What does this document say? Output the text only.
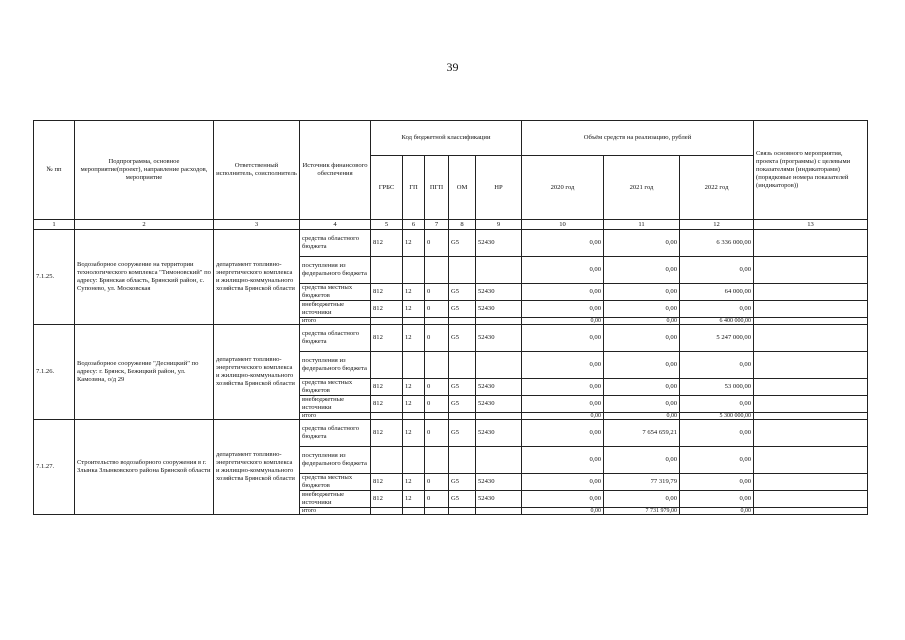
39
№ пп	Подпрограмма, основное мероприятие(проект), направление расходов, мероприятие	Ответственный исполнитель, соисполнитель	Источник финансового обеспечения	Код бюджетной классификации					Объём средств на реализацию, рублей			Связь основного мероприятия, проекта (программы) с целевыми показателями (индикаторами) (порядковые номера показателей (индикаторов))
				ГРБС	ГП	ПГП	ОМ	НР	2020 год	2021 год	2022 год	
1	2	3	4	5	6	7	8	9	10	11	12	13
7.1.25.	Водозаборное сооружение на территории технологического комплекса "Тимоновский" по адресу: Брянская область, Брянский район, с. Супонево, ул. Московская	департамент топливно-энергетического комплекса и жилищно-коммунального хозяйства Брянской области	средства областного бюджета	812	12	0	G5	52430	0,00	0,00	6 336 000,00	
			поступления из федерального бюджета						0,00	0,00	0,00	
			средства местных бюджетов	812	12	0	G5	52430	0,00	0,00	64 000,00	
			внебюджетные источники	812	12	0	G5	52430	0,00	0,00	0,00	
			итого						0,00	0,00	6 400 000,00	
7.1.26.	Водозаборное сооружение "Десницкий" по адресу: г. Брянск, Бежицкий район, ул. Камозина, о/д 29	департамент топливно-энергетического комплекса и жилищно-коммунального хозяйства Брянской области	средства областного бюджета	812	12	0	G5	52430	0,00	0,00	5 247 000,00	
			поступления из федерального бюджета						0,00	0,00	0,00	
			средства местных бюджетов	812	12	0	G5	52430	0,00	0,00	53 000,00	
			внебюджетные источники	812	12	0	G5	52430	0,00	0,00	0,00	
			итого						0,00	0,00	5 300 000,00	
7.1.27.	Строительство водозаборного сооружения в г. Злынка Злынковского района Брянской области	департамент топливно-энергетического комплекса и жилищно-коммунального хозяйства Брянской области	средства областного бюджета	812	12	0	G5	52430	0,00	7 654 659,21	0,00	
			поступления из федерального бюджета						0,00	0,00	0,00	
			средства местных бюджетов	812	12	0	G5	52430	0,00	77 319,79	0,00	
			внебюджетные источники	812	12	0	G5	52430	0,00	0,00	0,00	
			итого						0,00	7 731 979,00	0,00	
